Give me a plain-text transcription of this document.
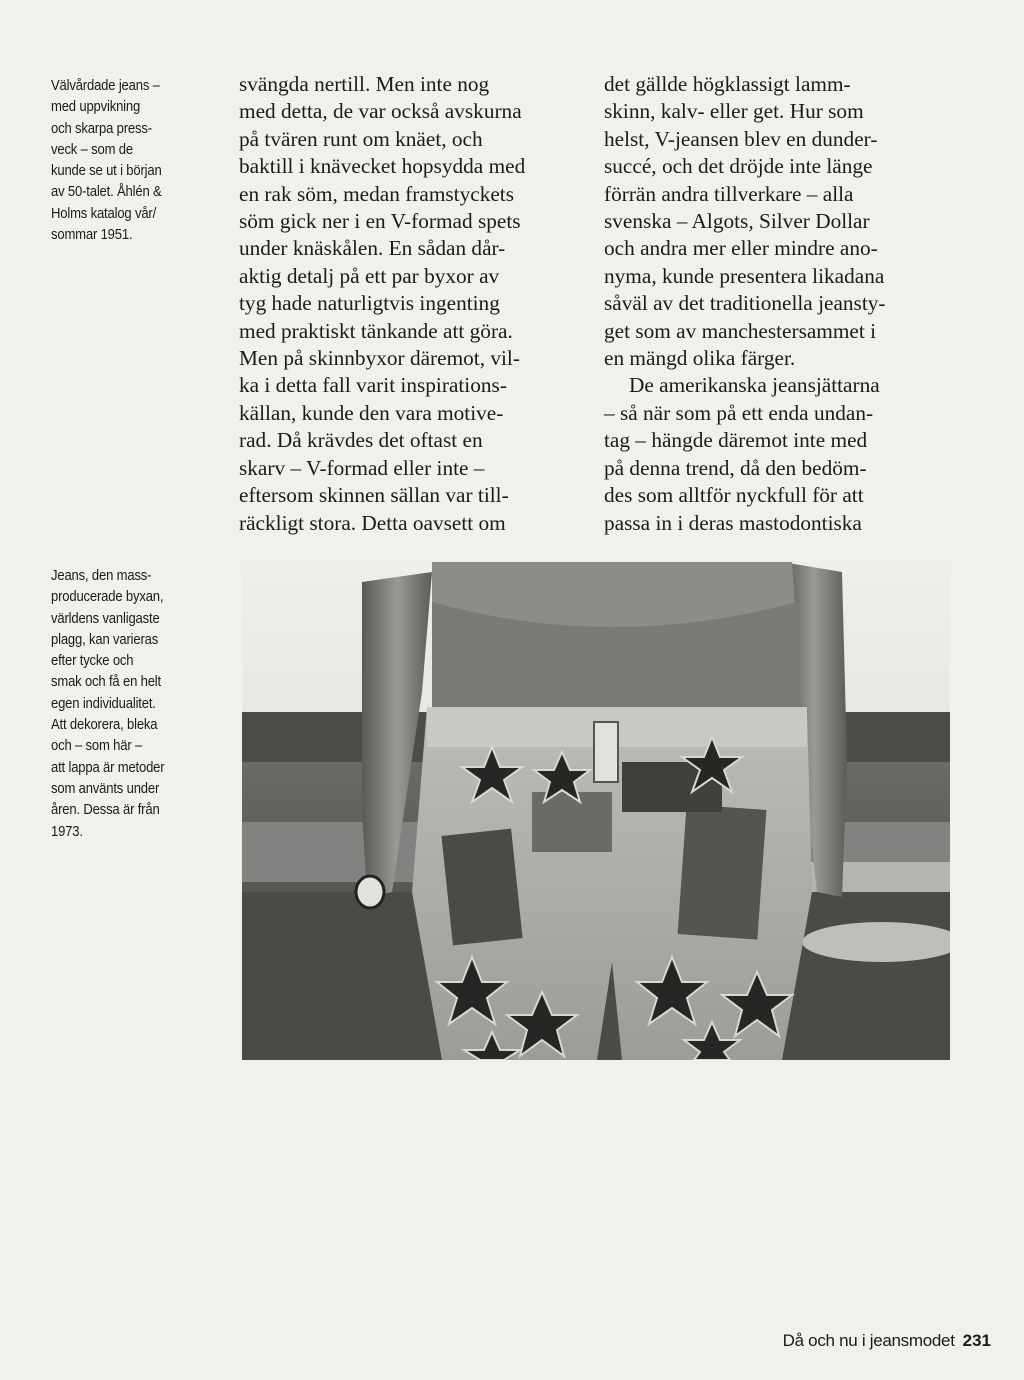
Välvårdade jeans –
med uppvikning
och skarpa press-
veck – som de
kunde se ut i början
av 50-talet. Åhlén &
Holms katalog vår/
sommar 1951.
Jeans, den mass-
producerade byxan,
världens vanligaste
plagg, kan varieras
efter tycke och
smak och få en helt
egen individualitet.
Att dekorera, bleka
och – som här –
att lappa är metoder
som använts under
åren. Dessa är från
1973.
svängda nertill. Men inte nog
med detta, de var också avskurna
på tvären runt om knäet, och
baktill i knävecket hopsydda med
en rak söm, medan framstyckets
söm gick ner i en V-formad spets
under knäskålen. En sådan dår-
aktig detalj på ett par byxor av
tyg hade naturligtvis ingenting
med praktiskt tänkande att göra.
Men på skinnbyxor däremot, vil-
ka i detta fall varit inspirations-
källan, kunde den vara motive-
rad. Då krävdes det oftast en
skarv – V-formad eller inte –
eftersom skinnen sällan var till-
räckligt stora. Detta oavsett om
det gällde högklassigt lamm-
skinn, kalv- eller get. Hur som
helst, V-jeansen blev en dunder-
succé, och det dröjde inte länge
förrän andra tillverkare – alla
svenska – Algots, Silver Dollar
och andra mer eller mindre ano-
nyma, kunde presentera likadana
såväl av det traditionella jeansty-
get som av manchestersammet i
en mängd olika färger.
De amerikanska jeansjättarna
– så när som på ett enda undan-
tag – hängde däremot inte med
på denna trend, då den bedöm-
des som alltför nyckfull för att
passa in i deras mastodontiska
Då och nu i jeansmodet 231
